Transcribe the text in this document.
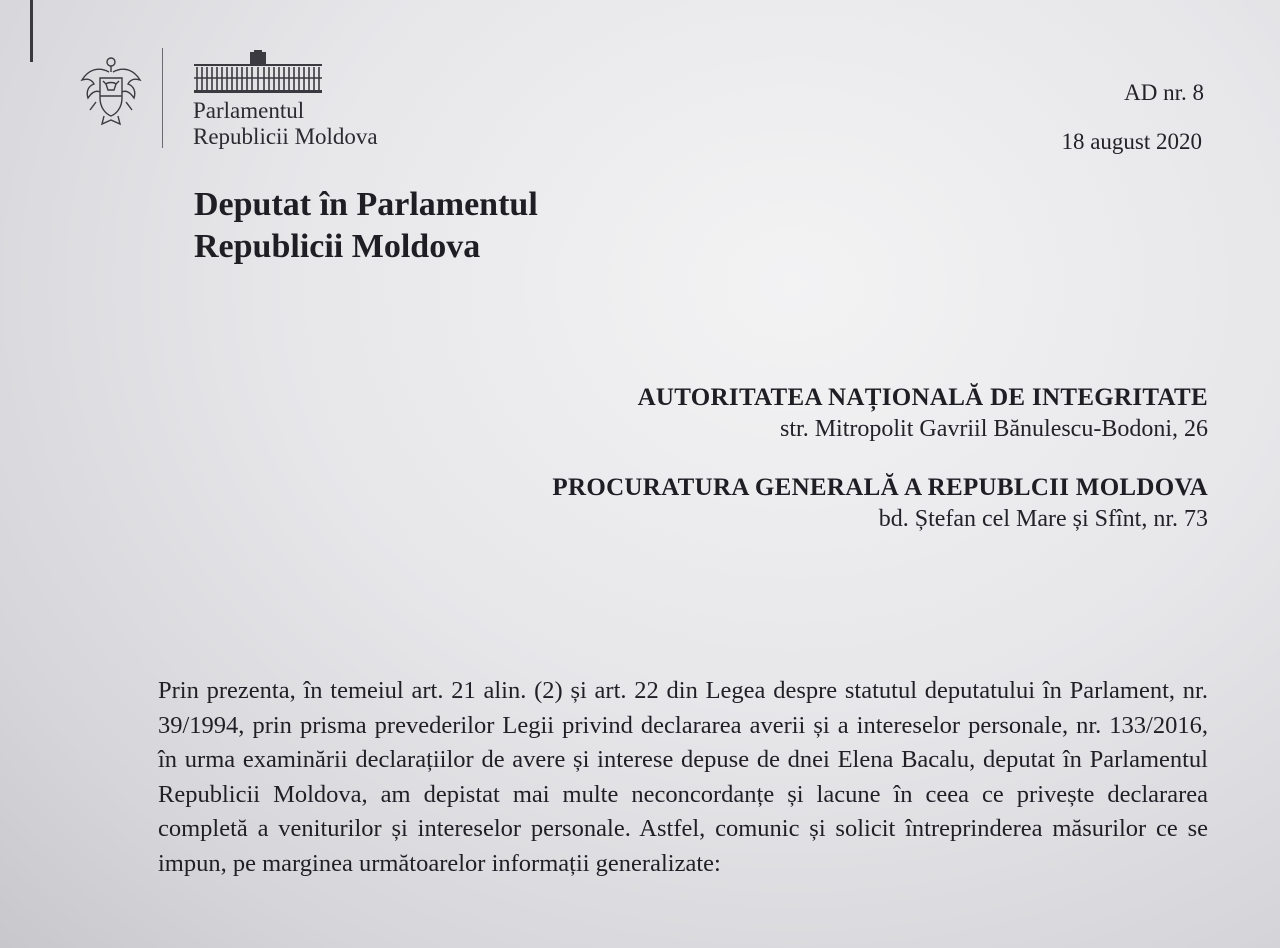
Parlamentul
Republicii Moldova
AD nr. 8
18 august 2020
Deputat în Parlamentul
Republicii Moldova
AUTORITATEA NAȚIONALĂ DE INTEGRITATE
str. Mitropolit Gavriil Bănulescu-Bodoni, 26
PROCURATURA GENERALĂ A REPUBLCII MOLDOVA
bd. Ștefan cel Mare și Sfînt, nr. 73

Prin prezenta, în temeiul art. 21 alin. (2) și art. 22 din Legea despre statutul deputatului în Parlament, nr. 39/1994, prin prisma prevederilor Legii privind declararea averii și a intereselor personale, nr. 133/2016, în urma examinării declarațiilor de avere și interese depuse de dnei Elena Bacalu, deputat în Parlamentul Republicii Moldova, am depistat mai multe neconcordanțe și lacune în ceea ce privește declararea completă a veniturilor și intereselor personale. Astfel, comunic și solicit întreprinderea măsurilor ce se impun, pe marginea următoarelor informații generalizate:
